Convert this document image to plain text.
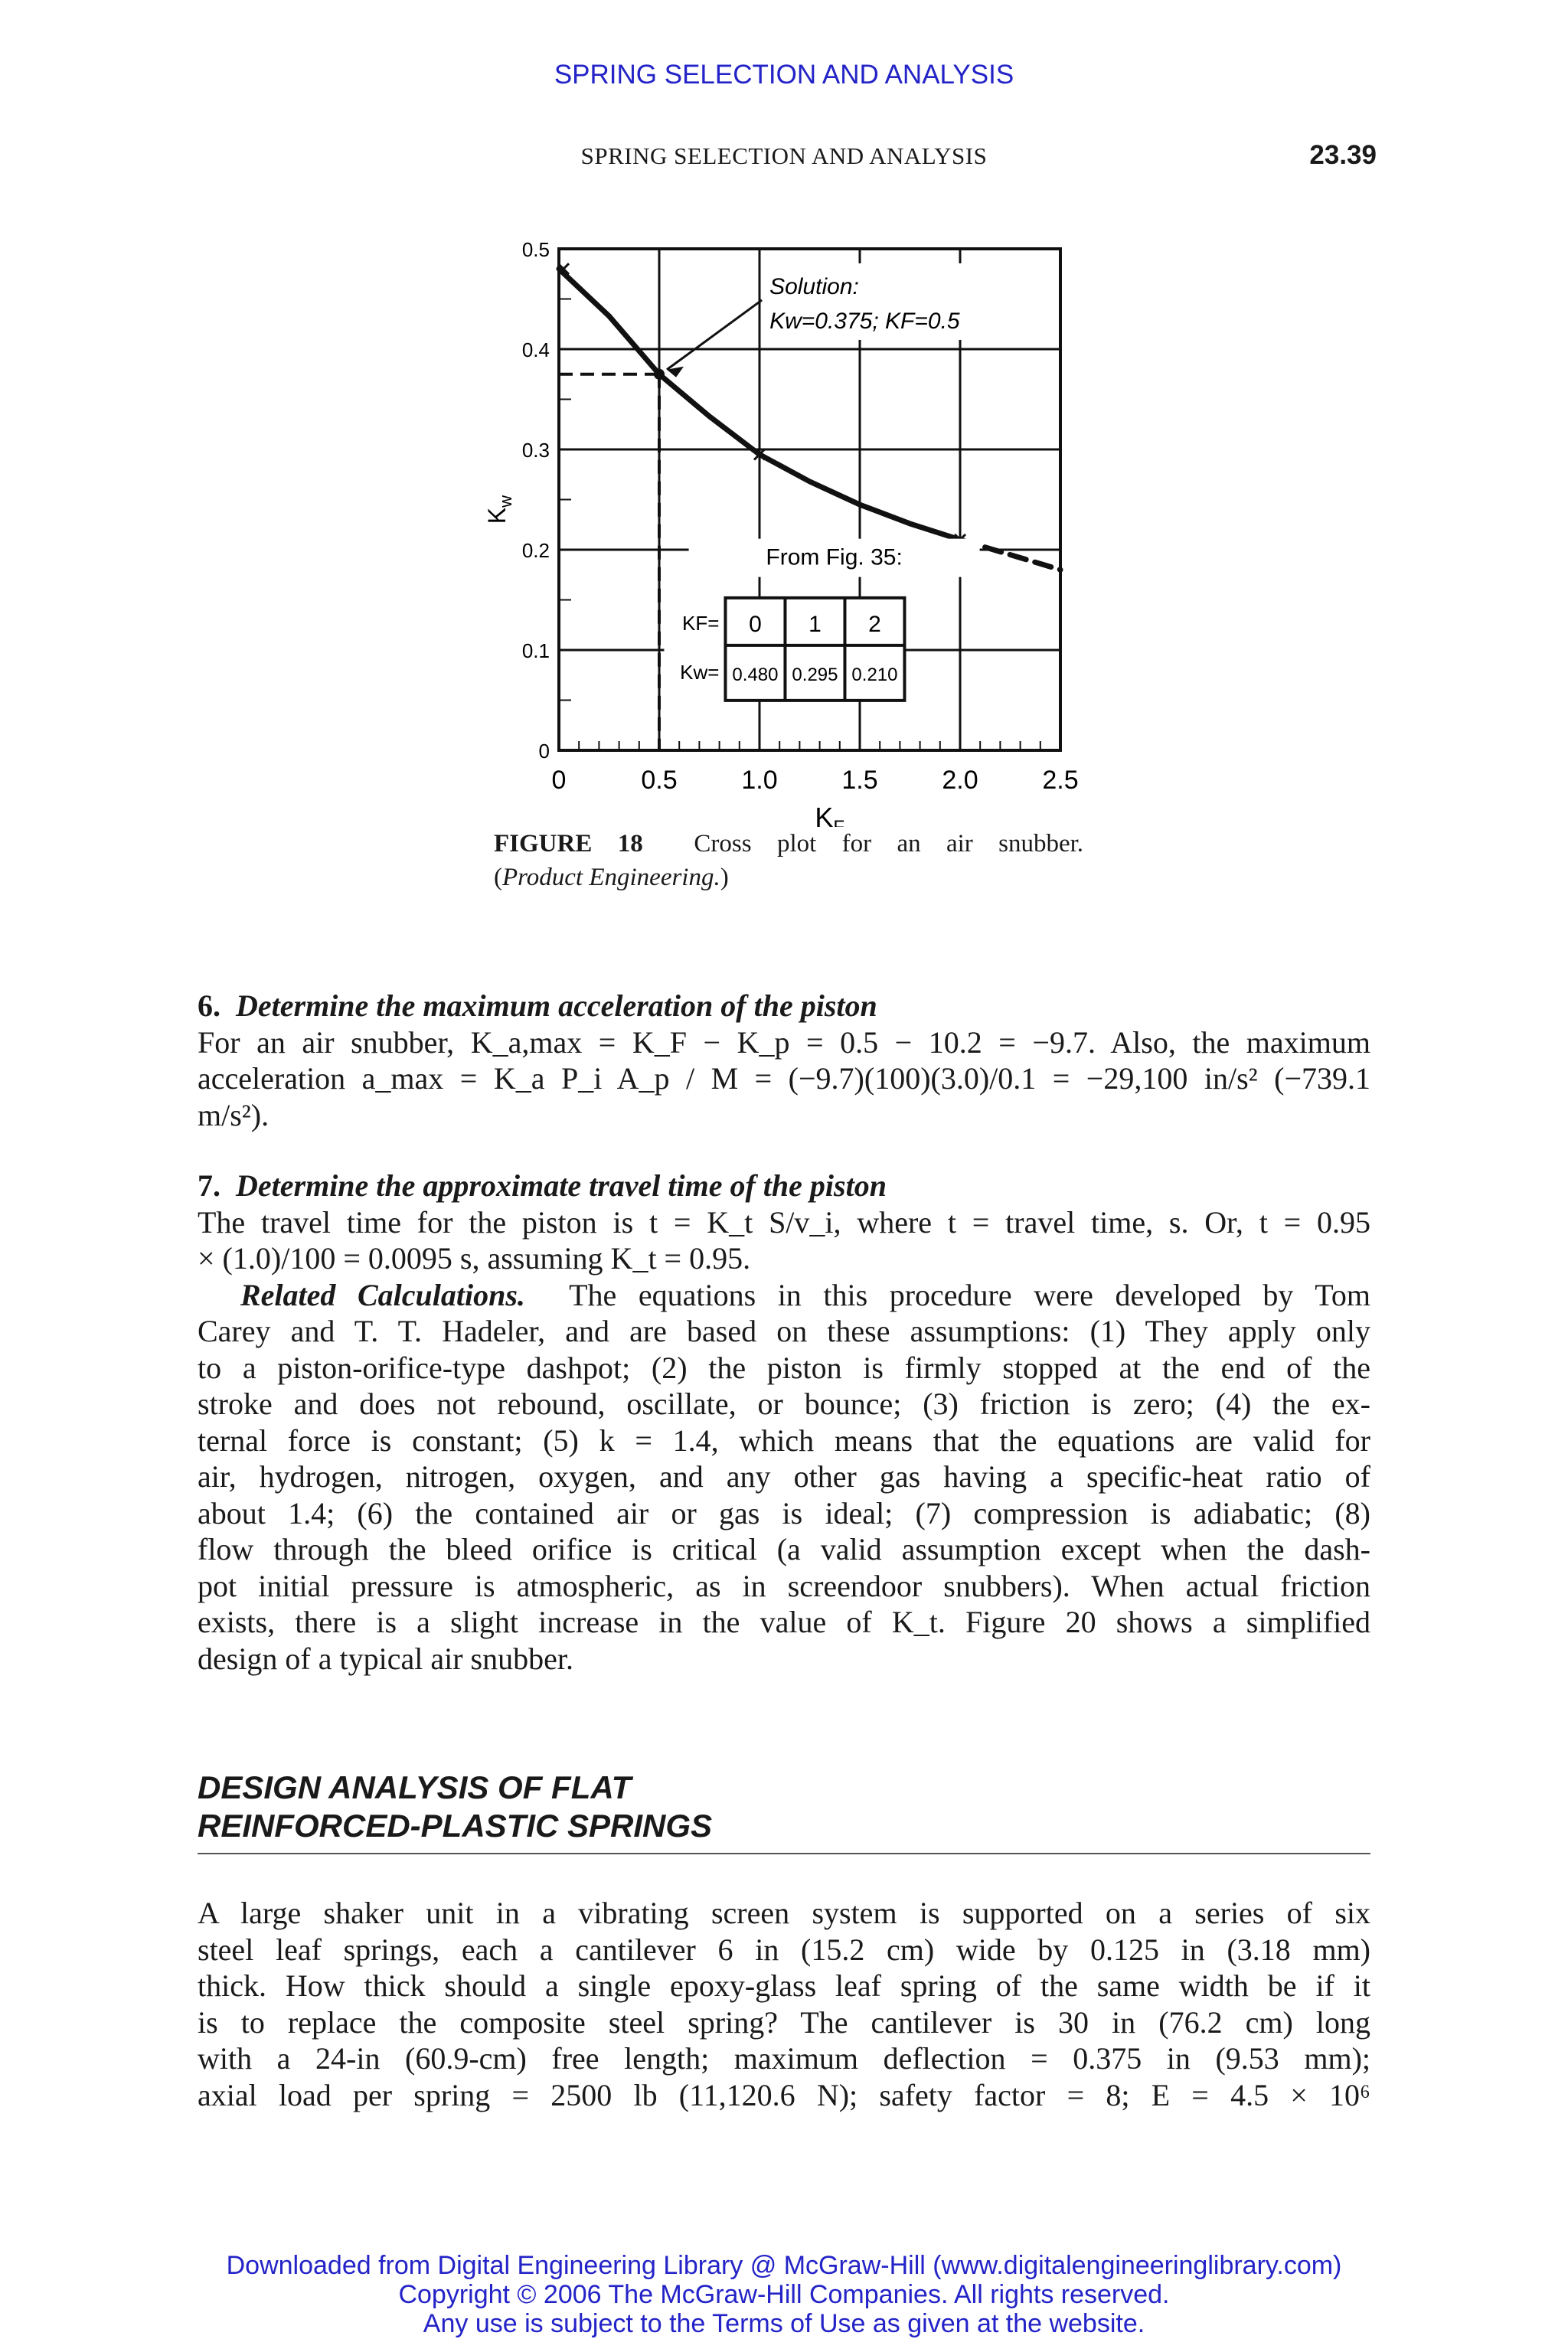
SPRING SELECTION AND ANALYSIS
SPRING SELECTION AND ANALYSIS	23.39
0	0.5 1.0 1.5 2.0 2.5
0
0.1
0.2
0.3
0.4
0.5
K
$K_w$
Solution:
Kw=0.375; KF=0.5
From Fig. 35:
KF=
Kw=
0 1 2
0.480 0.295 0.210
FIGURE 18 Cross plot for an air snubber.
(Product Engineering.)
6. Determine the maximum acceleration of the piston
For an air snubber, K_a,max = K_F − K_p = 0.5 − 10.2 = −9.7. Also, the maximum
acceleration a_max = K_a P_i A_p / M = (−9.7)(100)(3.0)/0.1 = −29,100 in/s² (−739.1
m/s²).
7. Determine the approximate travel time of the piston
The travel time for the piston is t = K_t S/v_i, where t = travel time, s. Or, t = 0.95
× (1.0)/100 = 0.0095 s, assuming K_t = 0.95.
Related Calculations. The equations in this procedure were developed by Tom
Carey and T. T. Hadeler, and are based on these assumptions: (1) They apply only
to a piston-orifice-type dashpot; (2) the piston is firmly stopped at the end of the
stroke and does not rebound, oscillate, or bounce; (3) friction is zero; (4) the ex-
ternal force is constant; (5) k = 1.4, which means that the equations are valid for
air, hydrogen, nitrogen, oxygen, and any other gas having a specific-heat ratio of
about 1.4; (6) the contained air or gas is ideal; (7) compression is adiabatic; (8)
flow through the bleed orifice is critical (a valid assumption except when the dash-
pot initial pressure is atmospheric, as in screendoor snubbers). When actual friction
exists, there is a slight increase in the value of K_t. Figure 20 shows a simplified
design of a typical air snubber.
DESIGN ANALYSIS OF FLAT
REINFORCED-PLASTIC SPRINGS
A large shaker unit in a vibrating screen system is supported on a series of six
steel leaf springs, each a cantilever 6 in (15.2 cm) wide by 0.125 in (3.18 mm)
thick. How thick should a single epoxy-glass leaf spring of the same width be if it
is to replace the composite steel spring? The cantilever is 30 in (76.2 cm) long
with a 24-in (60.9-cm) free length; maximum deflection = 0.375 in (9.53 mm);
axial load per spring = 2500 lb (11,120.6 N); safety factor = 8; E = 4.5 × 10⁶
Downloaded from Digital Engineering Library @ McGraw-Hill (www.digitalengineeringlibrary.com)
Copyright © 2006 The McGraw-Hill Companies. All rights reserved.
Any use is subject to the Terms of Use as given at the website.
